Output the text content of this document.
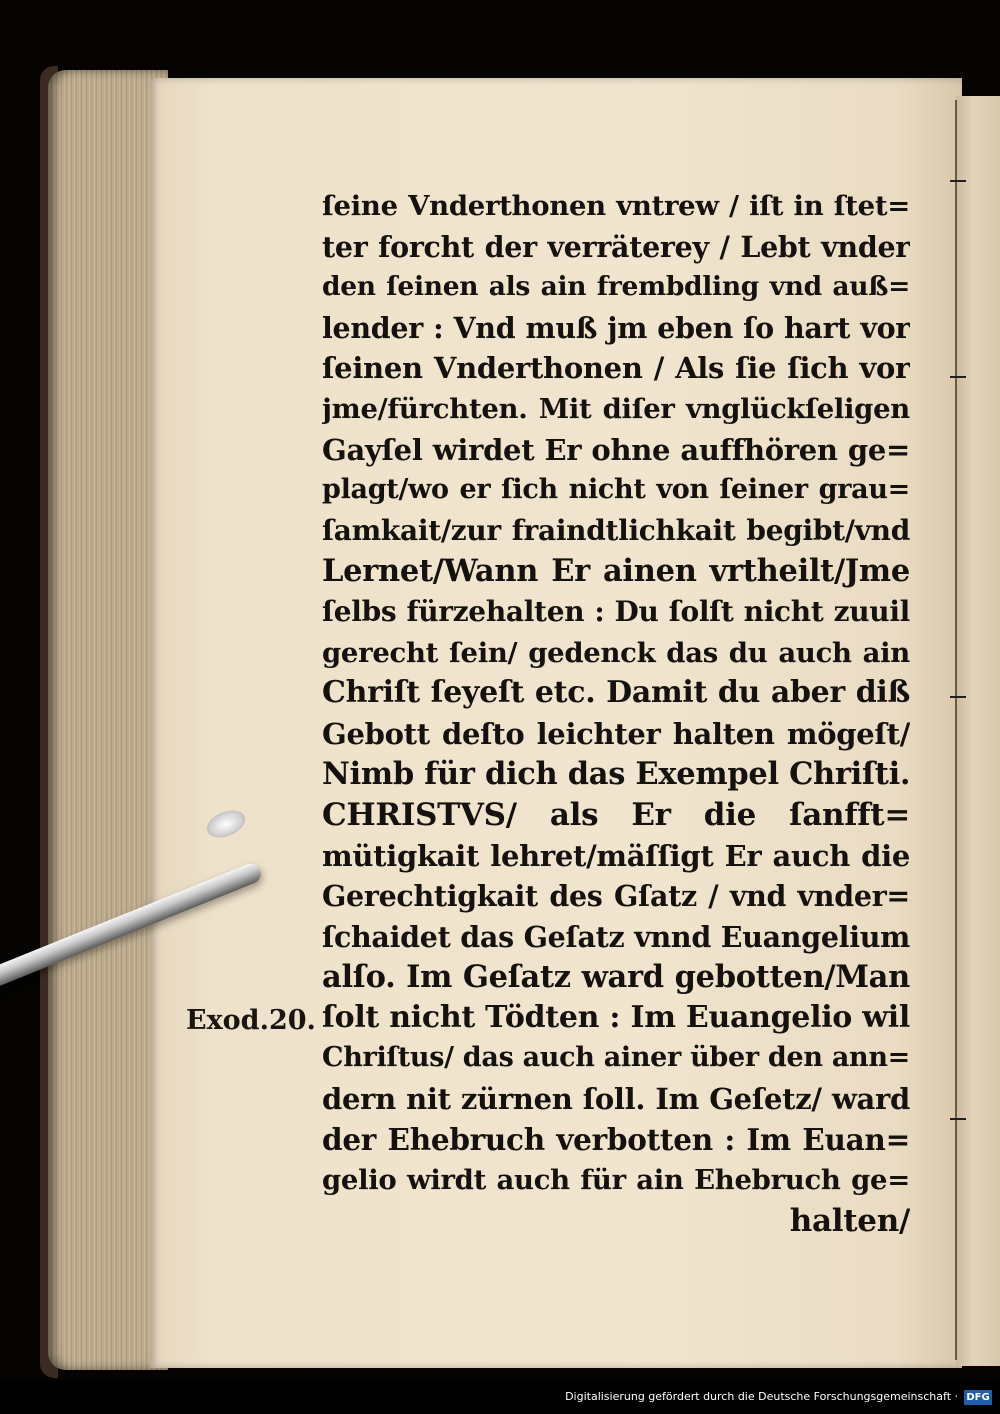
ſeine Vnderthonen vntrew / iſt in ſtet=
ter forcht der verräterey / Lebt vnder
den ſeinen als ain frembdling vnd auß=
lender : Vnd muß jm eben ſo hart vor
ſeinen Vnderthonen / Als ſie ſich vor
jme/fürchten. Mit diſer vnglückſeligen
Gayſel wirdet Er ohne auffhören ge=
plagt/wo er ſich nicht von ſeiner grau=
ſamkait/zur fraindtlichkait begibt/vnd
Lernet/Wann Er ainen vrtheilt/Jme
ſelbs fürzehalten : Du ſolſt nicht zuuil
gerecht ſein/ gedenck das du auch ain
Chriſt ſeyeſt etc. Damit du aber diß
Gebott deſto leichter halten mögeſt/
Nimb für dich das Exempel Chriſti.
CHRISTVS/ als Er die ſanfft=
mütigkait lehret/mäſſigt Er auch die
Gerechtigkait des Gſatz / vnd vnder=
ſchaidet das Geſatz vnnd Euangelium
alſo. Im Geſatz ward gebotten/Man
ſolt nicht Tödten : Im Euangelio wil
Chriſtus/ das auch ainer über den ann=
dern nit zürnen ſoll. Im Geſetz/ ward
der Ehebruch verbotten : Im Euan=
gelio wirdt auch für ain Ehebruch ge=
halten/
Exod.20.
Digitalisierung gefördert durch die Deutsche Forschungsgemeinschaft · DFG
